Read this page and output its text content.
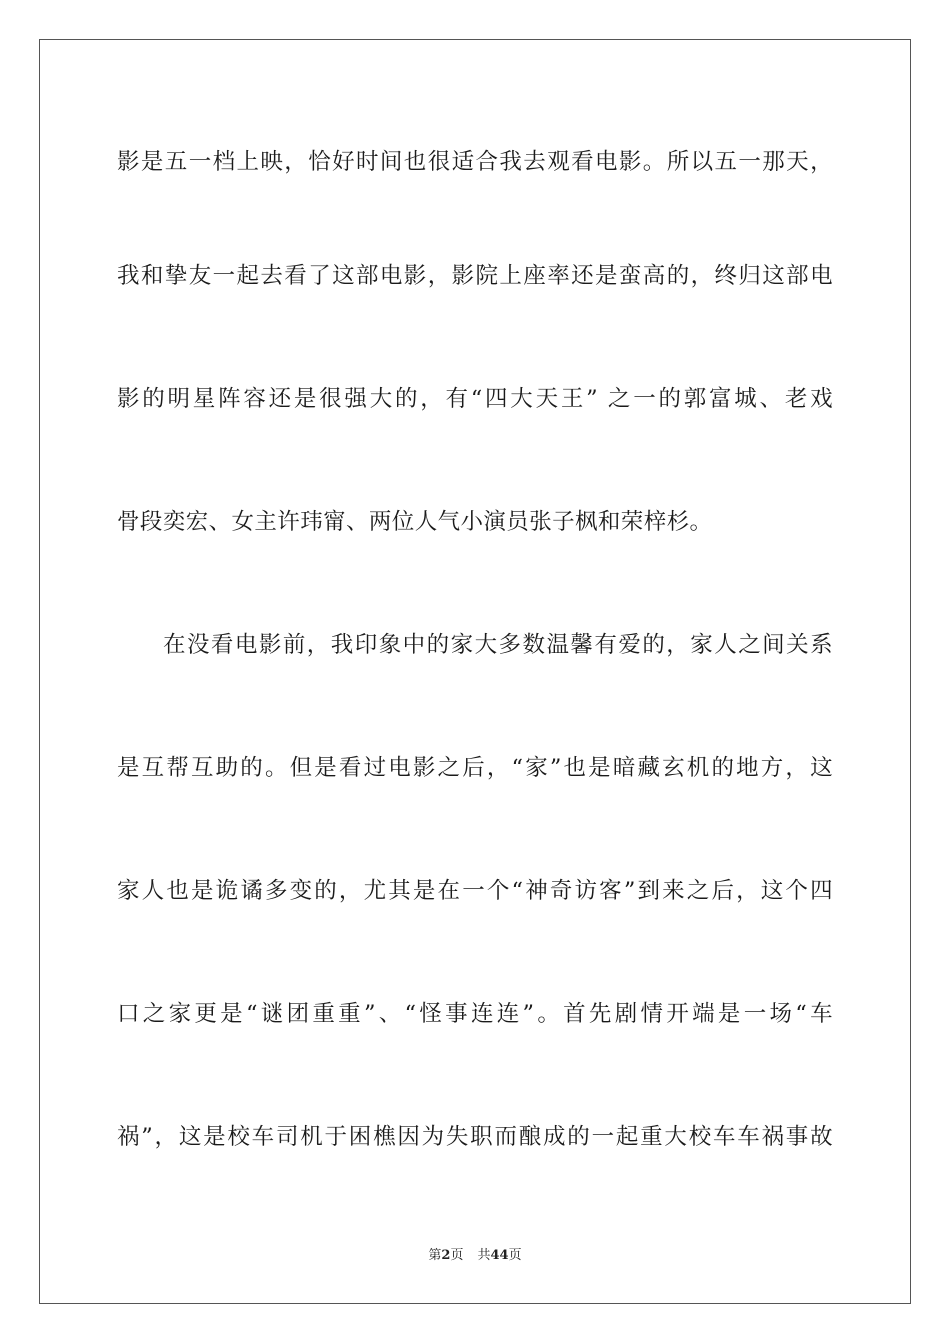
影是五一档上映，恰好时间也很适合我去观看电影。所以五一那天，
我和挚友一起去看了这部电影，影院上座率还是蛮高的，终归这部电
影的明星阵容还是很强大的，有“四大天王” 之一的郭富城、老戏
骨段奕宏、女主许玮甯、两位人气小演员张子枫和荣梓杉。
在没看电影前，我印象中的家大多数温馨有爱的，家人之间关系
是互帮互助的。但是看过电影之后，“家”也是暗藏玄机的地方，这
家人也是诡谲多变的，尤其是在一个“神奇访客”到来之后，这个四
口之家更是“谜团重重”、“怪事连连”。首先剧情开端是一场“车
祸”，这是校车司机于困樵因为失职而酿成的一起重大校车车祸事故
第2页 共44页
